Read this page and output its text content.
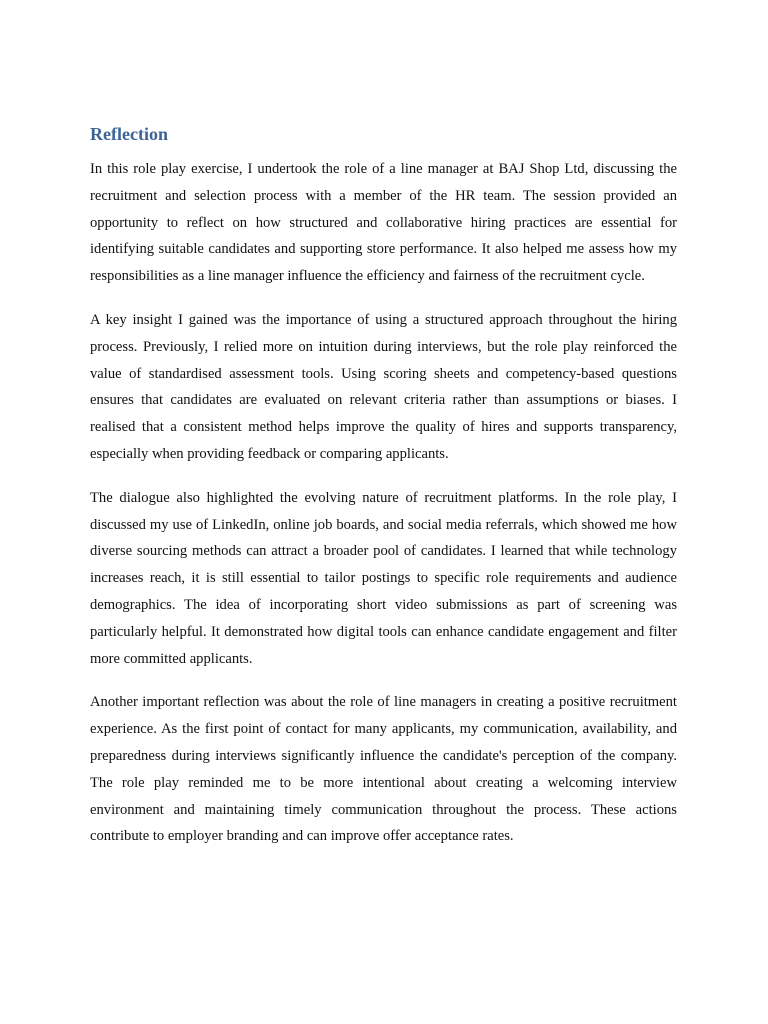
Reflection

In this role play exercise, I undertook the role of a line manager at BAJ Shop Ltd, discussing the recruitment and selection process with a member of the HR team. The session provided an opportunity to reflect on how structured and collaborative hiring practices are essential for identifying suitable candidates and supporting store performance. It also helped me assess how my responsibilities as a line manager influence the efficiency and fairness of the recruitment cycle.

A key insight I gained was the importance of using a structured approach throughout the hiring process. Previously, I relied more on intuition during interviews, but the role play reinforced the value of standardised assessment tools. Using scoring sheets and competency-based questions ensures that candidates are evaluated on relevant criteria rather than assumptions or biases. I realised that a consistent method helps improve the quality of hires and supports transparency, especially when providing feedback or comparing applicants.

The dialogue also highlighted the evolving nature of recruitment platforms. In the role play, I discussed my use of LinkedIn, online job boards, and social media referrals, which showed me how diverse sourcing methods can attract a broader pool of candidates. I learned that while technology increases reach, it is still essential to tailor postings to specific role requirements and audience demographics. The idea of incorporating short video submissions as part of screening was particularly helpful. It demonstrated how digital tools can enhance candidate engagement and filter more committed applicants.

Another important reflection was about the role of line managers in creating a positive recruitment experience. As the first point of contact for many applicants, my communication, availability, and preparedness during interviews significantly influence the candidate's perception of the company. The role play reminded me to be more intentional about creating a welcoming interview environment and maintaining timely communication throughout the process. These actions contribute to employer branding and can improve offer acceptance rates.
